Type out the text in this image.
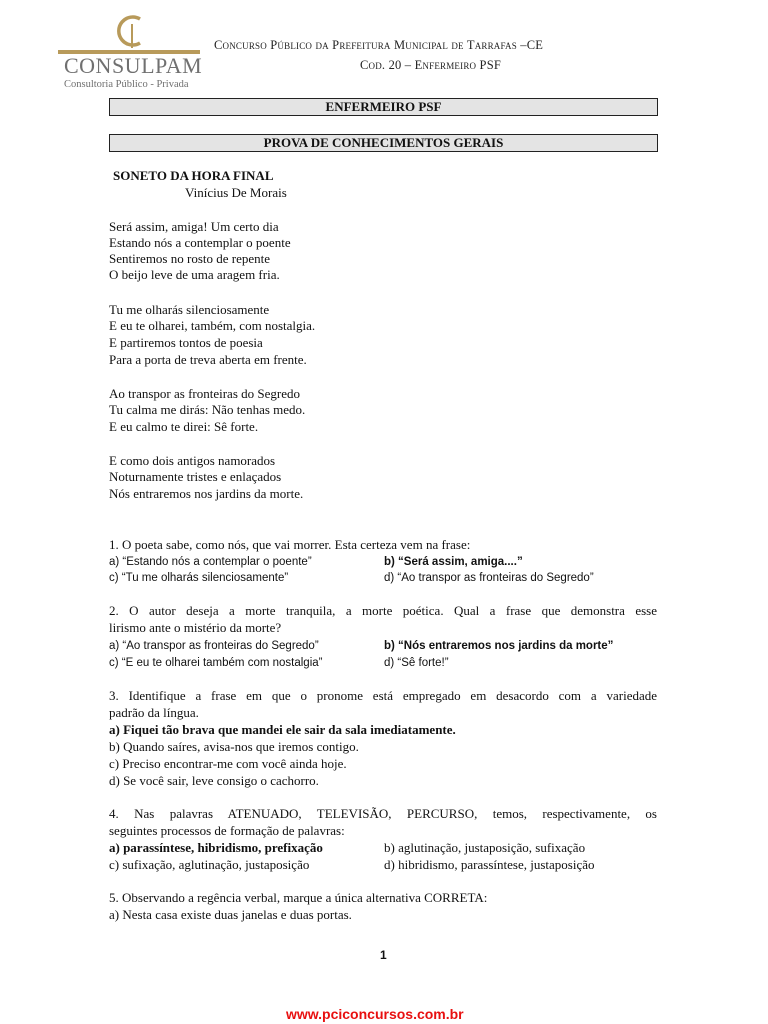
CONSULPAM
Consultoria Público - Privada
Concurso Público da Prefeitura Municipal de Tarrafas –CE
Cod. 20 – Enfermeiro PSF
ENFERMEIRO PSF
PROVA DE CONHECIMENTOS GERAIS
SONETO DA HORA FINAL
Vinícius De Morais
Será assim, amiga! Um certo dia
Estando nós a contemplar o poente
Sentiremos no rosto de repente
O beijo leve de uma aragem fria.
Tu me olharás silenciosamente
E eu te olharei, também, com nostalgia.
E partiremos tontos de poesia
Para a porta de treva aberta em frente.
Ao transpor as fronteiras do Segredo
Tu calma me dirás: Não tenhas medo.
E eu calmo te direi: Sê forte.
E como dois antigos namorados
Noturnamente tristes e enlaçados
Nós entraremos nos jardins da morte.
1. O poeta sabe, como nós, que vai morrer. Esta certeza vem na frase:
a) “Estando nós a contemplar o poente”	b) “Será assim, amiga....”
c) “Tu me olharás silenciosamente”	d) “Ao transpor as fronteiras do Segredo”
2. O autor deseja a morte tranquila, a morte poética. Qual a frase que demonstra esse
lirismo ante o mistério da morte?
a) “Ao transpor as fronteiras do Segredo”	b) “Nós entraremos nos jardins da morte”
c) “E eu te olharei também com nostalgia”	d) “Sê forte!”
3. Identifique a frase em que o pronome está empregado em desacordo com a variedade
padrão da língua.
a) Fiquei tão brava que mandei ele sair da sala imediatamente.
b) Quando saíres, avisa-nos que iremos contigo.
c) Preciso encontrar-me com você ainda hoje.
d) Se você sair, leve consigo o cachorro.
4. Nas palavras ATENUADO, TELEVISÃO, PERCURSO, temos, respectivamente, os
seguintes processos de formação de palavras:
a) parassíntese, hibridismo, prefixação	b) aglutinação, justaposição, sufixação
c) sufixação, aglutinação, justaposição	d) hibridismo, parassíntese, justaposição
5. Observando a regência verbal, marque a única alternativa CORRETA:
a) Nesta casa existe duas janelas e duas portas.
1
www.pciconcursos.com.br
